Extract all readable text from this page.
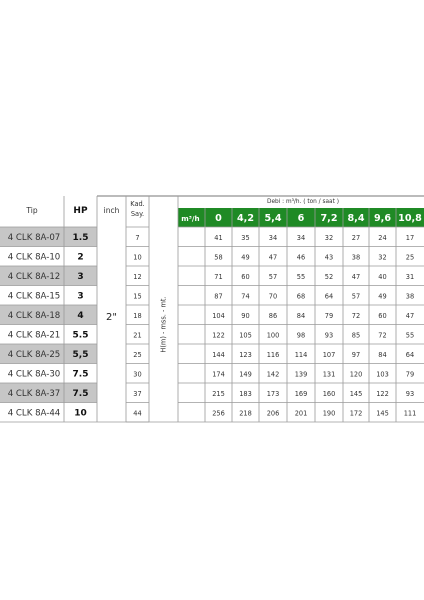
Tip	HP inch
Kad.
Say.
Debi : m³/h. ( ton / saat )
m³/h 0 4,2 5,4 6 7,2 8,4 9,6 10,8
2"	H(m) - mss. - mt.
4 CLK 8A-07 1.5	7	41	35	34	34	32	27	24	17
4 CLK 8A-10 2	10	58	49	47	46	43	38	32	25
4 CLK 8A-12 3	12	71	60	57	55	52	47	40	31
4 CLK 8A-15 3	15	87	74	70	68	64	57	49	38
4 CLK 8A-18 4	18	104	90	86	84	79	72	60	47
4 CLK 8A-21 5.5	21	122 105 100	98	93	85	72	55
4 CLK 8A-25 5,5	25	144 123 116 114 107	97	84	64
4 CLK 8A-30 7.5	30	174 149 142 139 131 120 103	79
4 CLK 8A-37 7.5	37	215 183 173 169 160 145 122	93
4 CLK 8A-44 10	44	256 218 206 201 190 172 145 111
